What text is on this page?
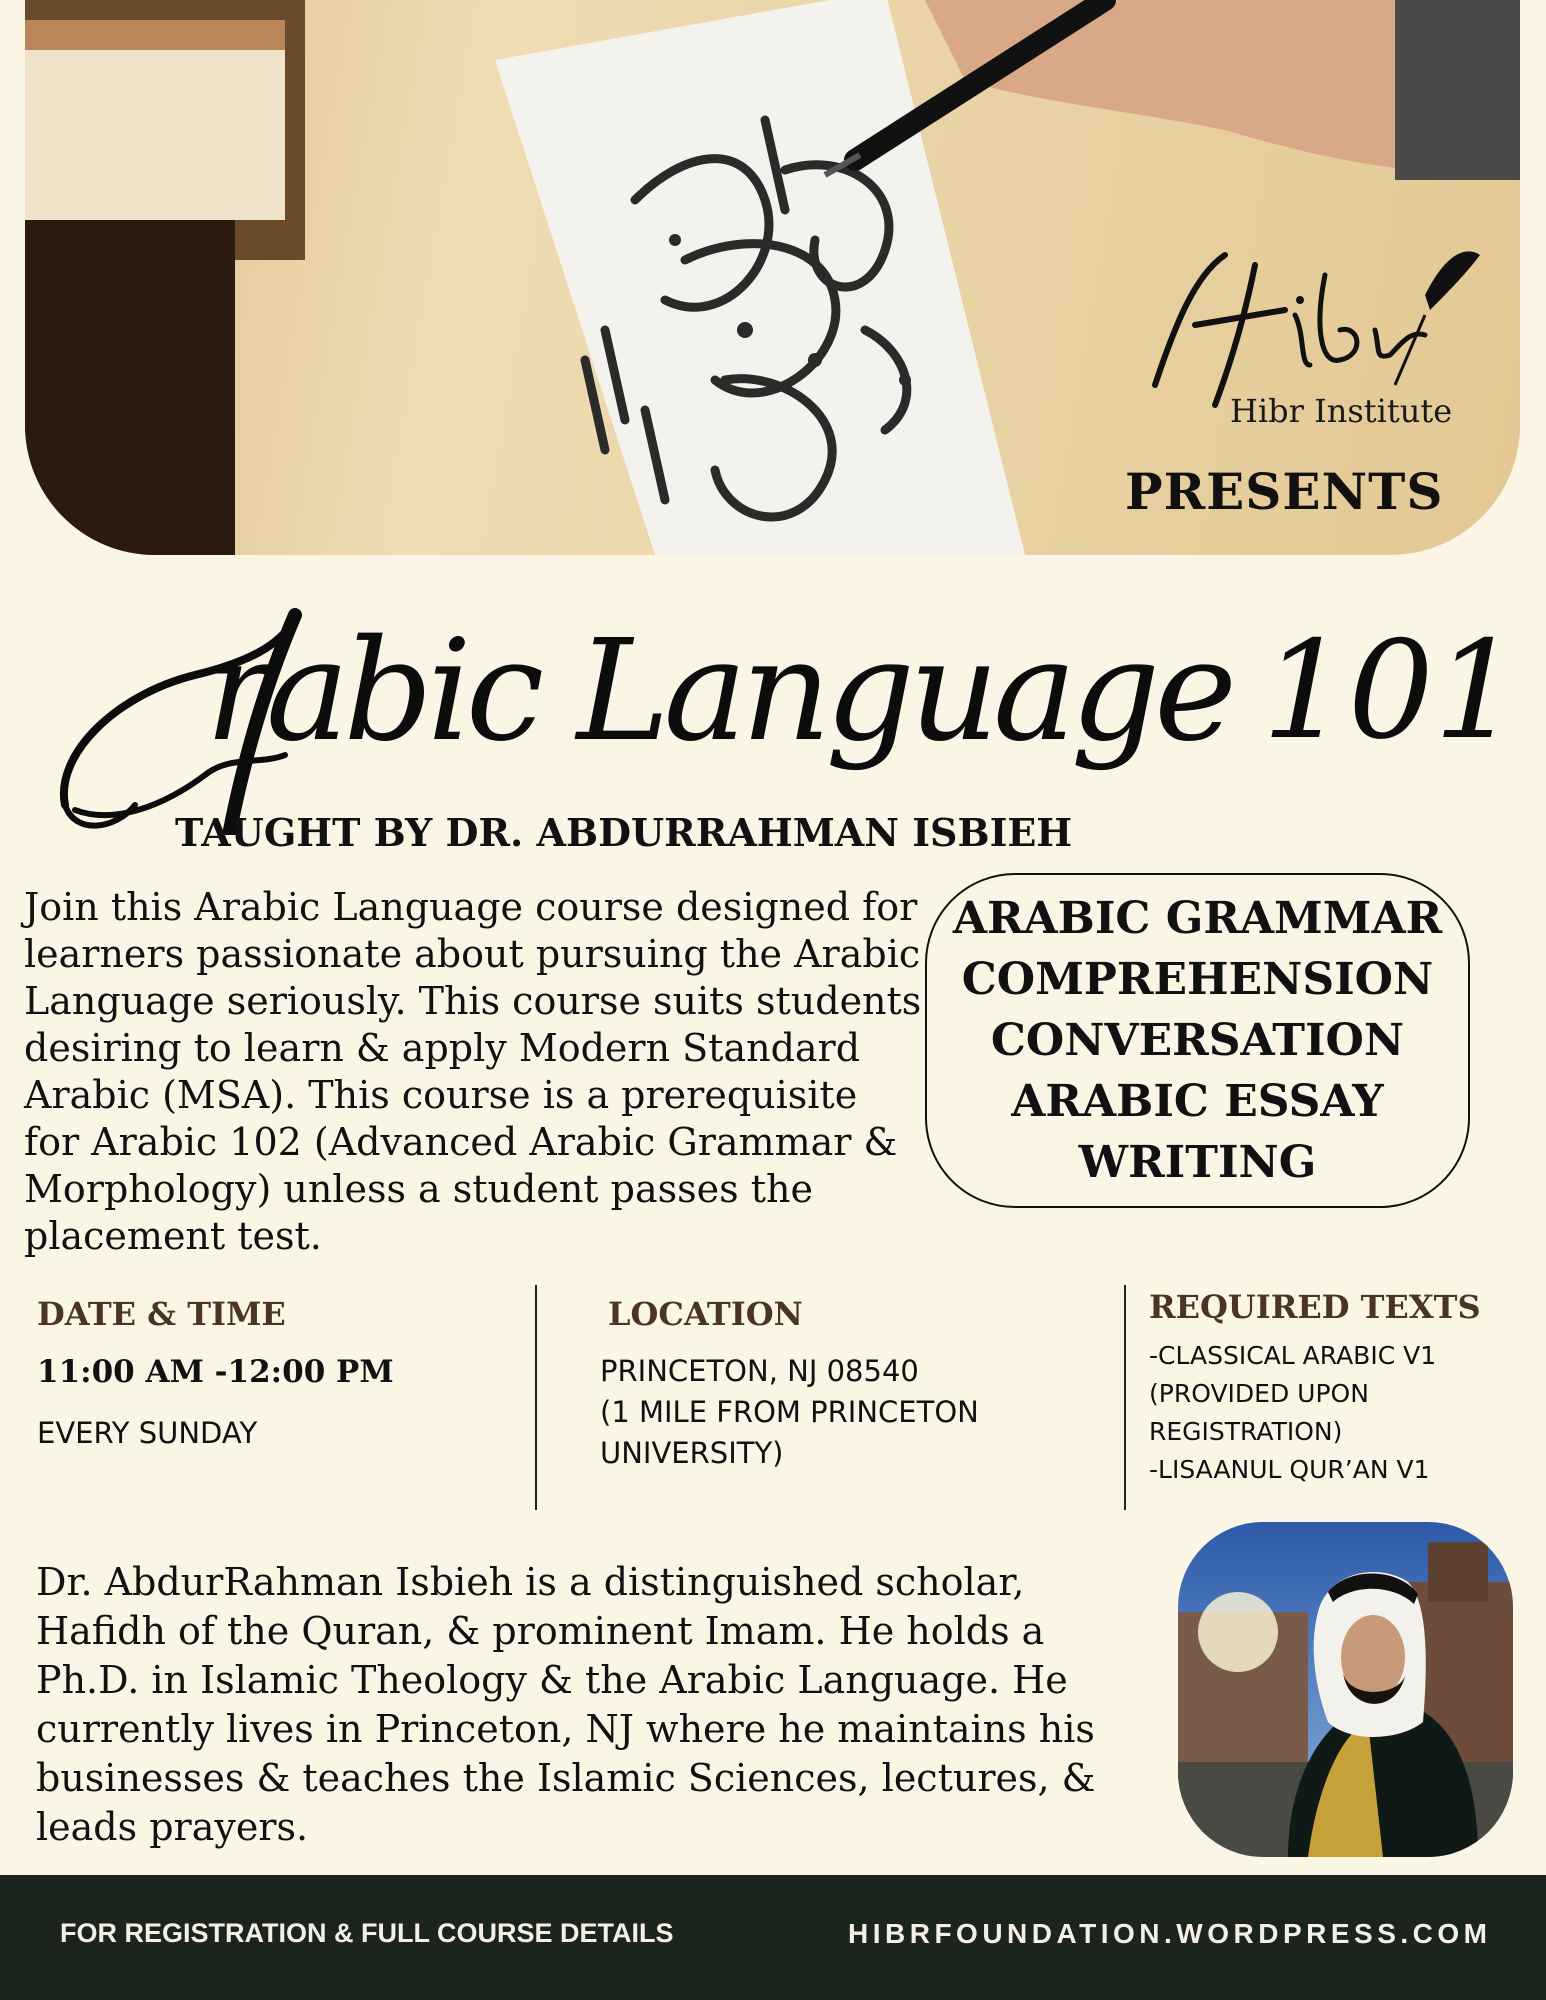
Hibr Institute
PRESENTS
rabic Language 101
TAUGHT BY DR. ABDURRAHMAN ISBIEH
Join this Arabic Language course designed for learners passionate about pursuing the Arabic Language seriously. This course suits students desiring to learn & apply Modern Standard Arabic (MSA). This course is a prerequisite for Arabic 102 (Advanced Arabic Grammar & Morphology) unless a student passes the placement test.
ARABIC GRAMMAR
COMPREHENSION
CONVERSATION
ARABIC ESSAY
WRITING
DATE & TIME
11:00 AM -12:00 PM
EVERY SUNDAY
LOCATION
PRINCETON, NJ 08540
(1 MILE FROM PRINCETON
UNIVERSITY)
REQUIRED TEXTS
-CLASSICAL ARABIC V1
(PROVIDED UPON
REGISTRATION)
-LISAANUL QUR’AN V1
Dr. AbdurRahman Isbieh is a distinguished scholar, Hafidh of the Quran, & prominent Imam. He holds a Ph.D. in Islamic Theology & the Arabic Language. He currently lives in Princeton, NJ where he maintains his businesses & teaches the Islamic Sciences, lectures, & leads prayers.
FOR REGISTRATION & FULL COURSE DETAILS	HIBRFOUNDATION.WORDPRESS.COM
